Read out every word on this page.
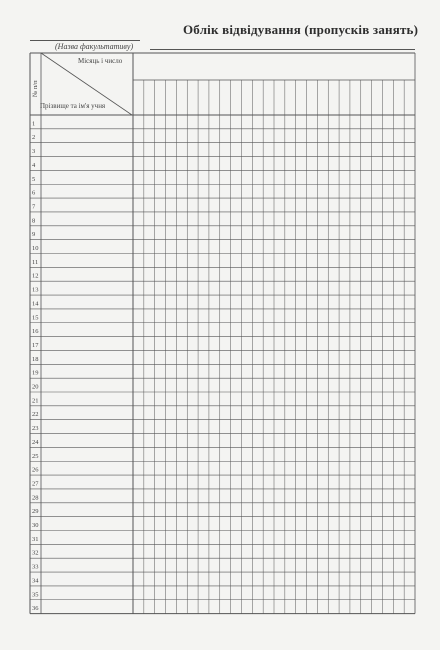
Облік відвідування (пропусків занять)
(Назва факультативу)
№ п/п
Місяць і число
Прізвище та ім'я учня
1
2
3
4
5
6
7
8
9
10
11
12
13
14
15
16
17
18
19
20
21
22
23
24
25
26
27
28
29
30
31
32
33
34
35
36
